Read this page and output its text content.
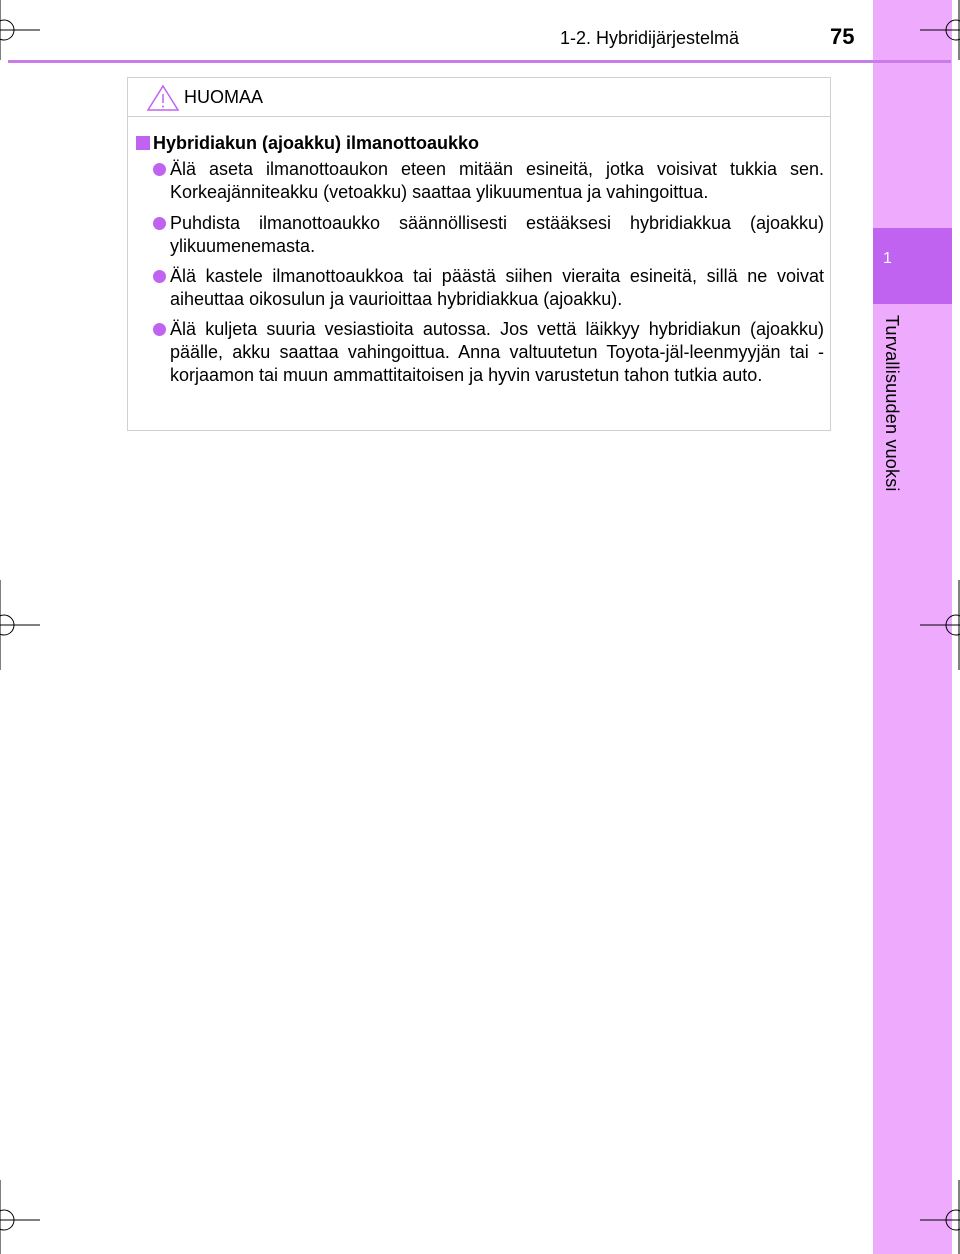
1
Turvallisuuden vuoksi
1-2. Hybridijärjestelmä	75
HUOMAA
Hybridiakun (ajoakku) ilmanottoaukko
Älä aseta ilmanottoaukon eteen mitään esineitä, jotka voisivat tukkia sen. Korkeajänniteakku (vetoakku) saattaa ylikuumentua ja vahingoittua.
Puhdista ilmanottoaukko säännöllisesti estääksesi hybridiakkua (ajoakku) ylikuumenemasta.
Älä kastele ilmanottoaukkoa tai päästä siihen vieraita esineitä, sillä ne voivat aiheuttaa oikosulun ja vaurioittaa hybridiakkua (ajoakku).
Älä kuljeta suuria vesiastioita autossa. Jos vettä läikkyy hybridiakun (ajoakku) päälle, akku saattaa vahingoittua. Anna valtuutetun Toyota-jäl-leenmyyjän tai -korjaamon tai muun ammattitaitoisen ja hyvin varustetun tahon tutkia auto.
